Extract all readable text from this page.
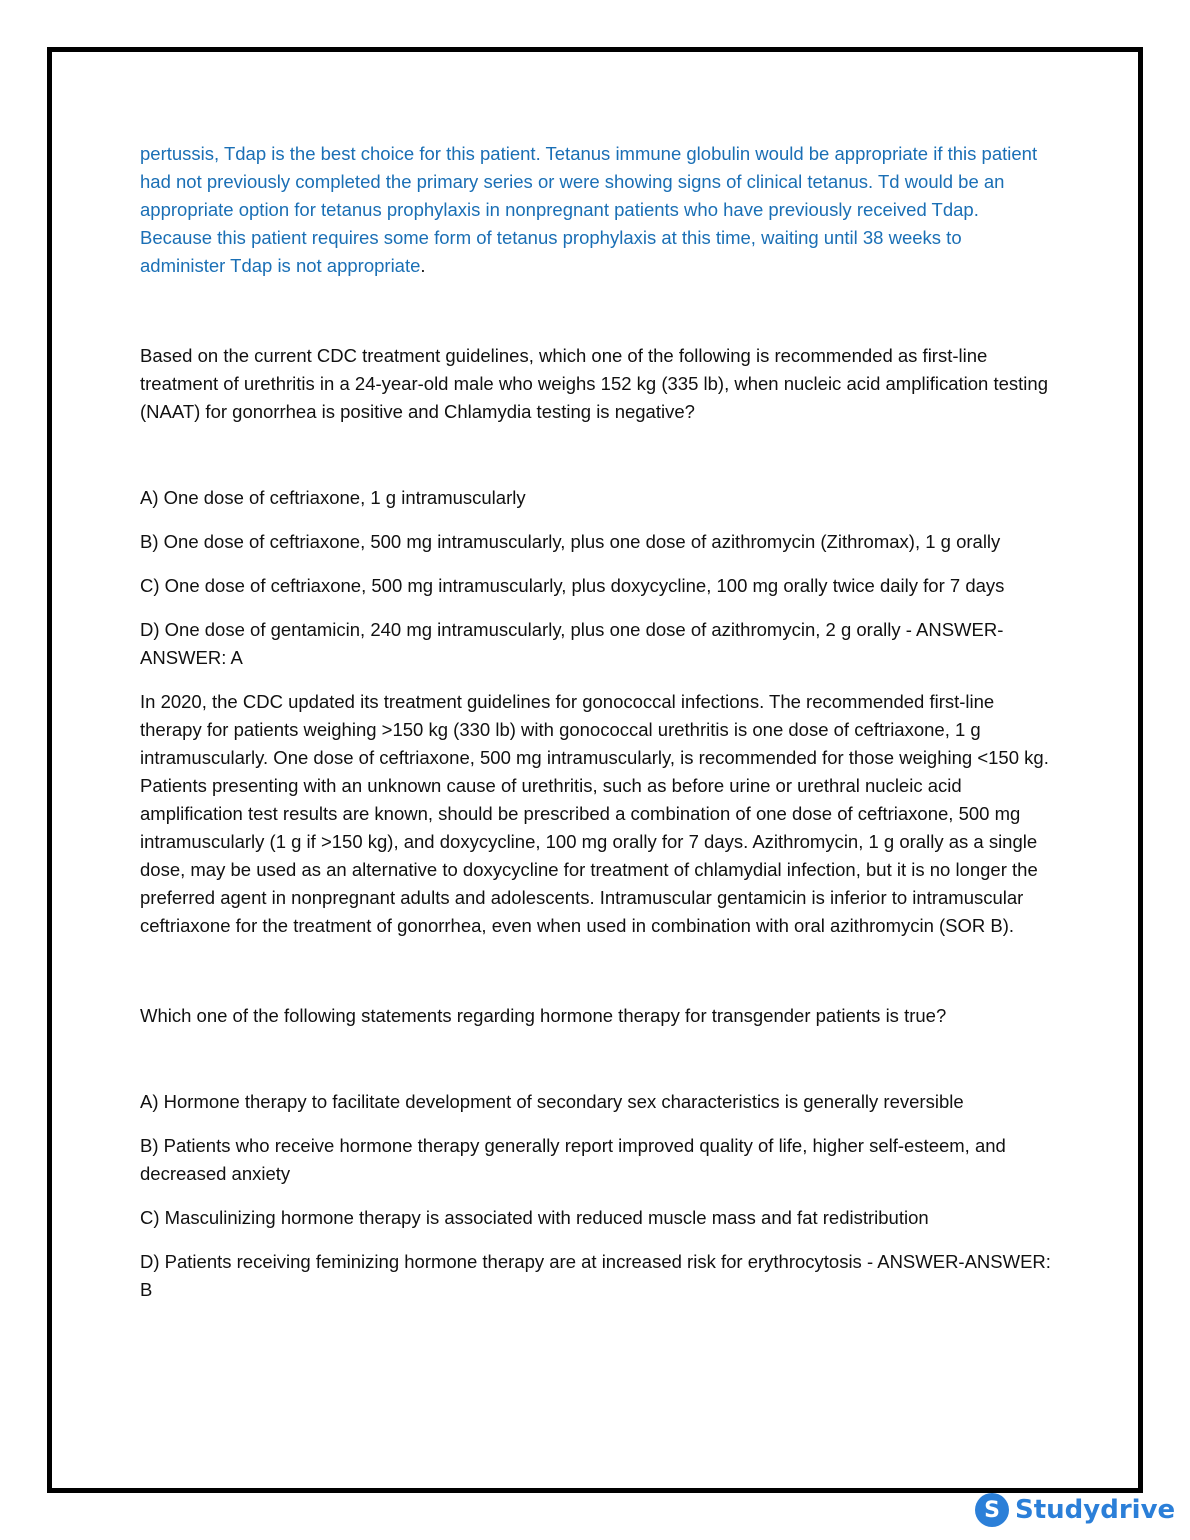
pertussis, Tdap is the best choice for this patient. Tetanus immune globulin would be appropriate if this patient had not previously completed the primary series or were showing signs of clinical tetanus. Td would be an appropriate option for tetanus prophylaxis in nonpregnant patients who have previously received Tdap. Because this patient requires some form of tetanus prophylaxis at this time, waiting until 38 weeks to administer Tdap is not appropriate.

Based on the current CDC treatment guidelines, which one of the following is recommended as first-line treatment of urethritis in a 24-year-old male who weighs 152 kg (335 lb), when nucleic acid amplification testing (NAAT) for gonorrhea is positive and Chlamydia testing is negative?

A) One dose of ceftriaxone, 1 g intramuscularly

B) One dose of ceftriaxone, 500 mg intramuscularly, plus one dose of azithromycin (Zithromax), 1 g orally

C) One dose of ceftriaxone, 500 mg intramuscularly, plus doxycycline, 100 mg orally twice daily for 7 days

D) One dose of gentamicin, 240 mg intramuscularly, plus one dose of azithromycin, 2 g orally - ANSWER-ANSWER: A

In 2020, the CDC updated its treatment guidelines for gonococcal infections. The recommended first-line therapy for patients weighing >150 kg (330 lb) with gonococcal urethritis is one dose of ceftriaxone, 1 g intramuscularly. One dose of ceftriaxone, 500 mg intramuscularly, is recommended for those weighing <150 kg. Patients presenting with an unknown cause of urethritis, such as before urine or urethral nucleic acid amplification test results are known, should be prescribed a combination of one dose of ceftriaxone, 500 mg intramuscularly (1 g if >150 kg), and doxycycline, 100 mg orally for 7 days. Azithromycin, 1 g orally as a single dose, may be used as an alternative to doxycycline for treatment of chlamydial infection, but it is no longer the preferred agent in nonpregnant adults and adolescents. Intramuscular gentamicin is inferior to intramuscular ceftriaxone for the treatment of gonorrhea, even when used in combination with oral azithromycin (SOR B).

Which one of the following statements regarding hormone therapy for transgender patients is true?

A) Hormone therapy to facilitate development of secondary sex characteristics is generally reversible

B) Patients who receive hormone therapy generally report improved quality of life, higher self-esteem, and decreased anxiety

C) Masculinizing hormone therapy is associated with reduced muscle mass and fat redistribution

D) Patients receiving feminizing hormone therapy are at increased risk for erythrocytosis - ANSWER-ANSWER: B

S Studydrive
